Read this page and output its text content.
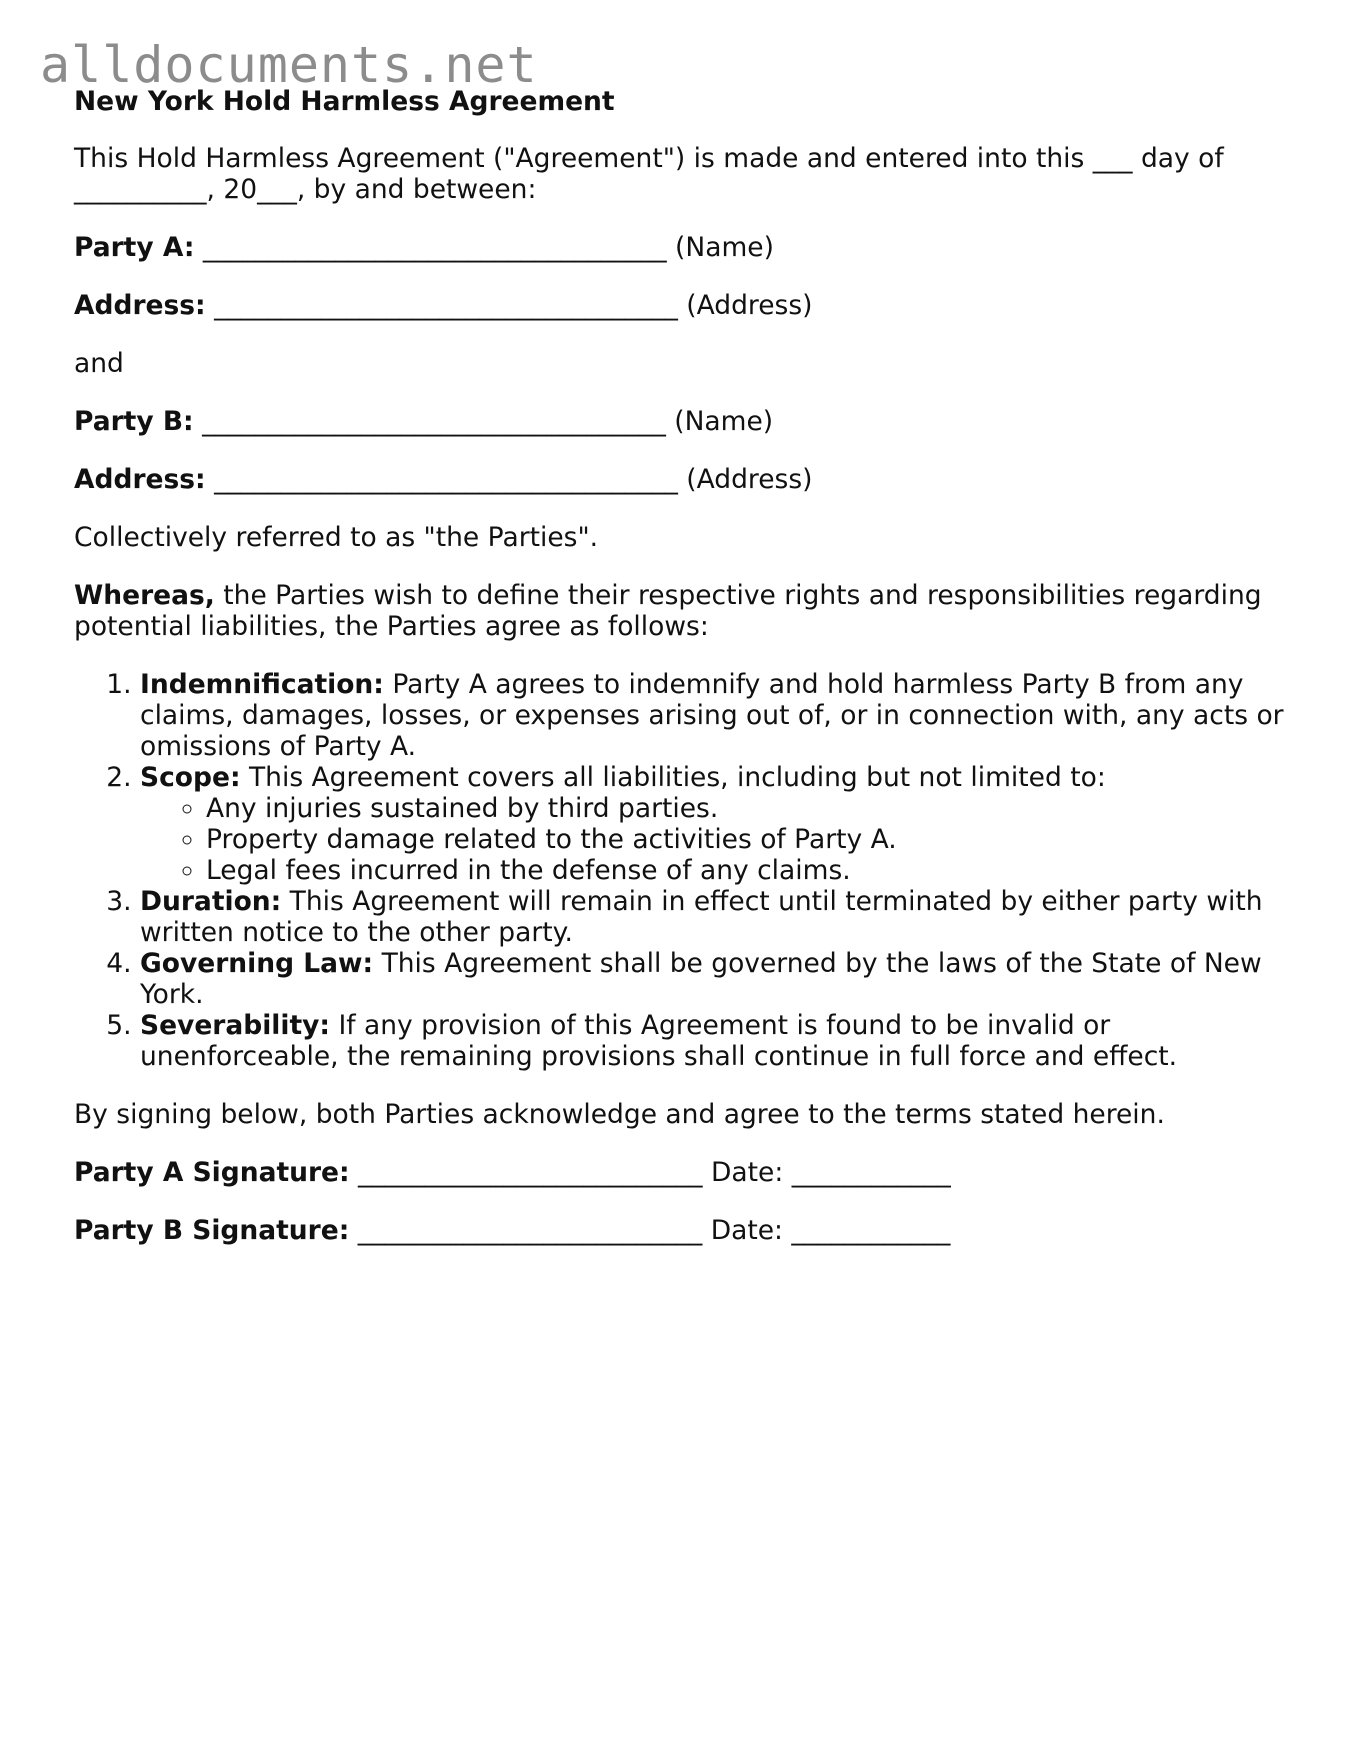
alldocuments.net
New York Hold Harmless Agreement

This Hold Harmless Agreement ("Agreement") is made and entered into this ___ day of
__________, 20___, by and between:

Party A: ___________________________________ (Name)

Address: ___________________________________ (Address)

and

Party B: ___________________________________ (Name)

Address: ___________________________________ (Address)

Collectively referred to as "the Parties".

Whereas, the Parties wish to define their respective rights and responsibilities regarding potential liabilities, the Parties agree as follows:

1. Indemnification: Party A agrees to indemnify and hold harmless Party B from any claims, damages, losses, or expenses arising out of, or in connection with, any acts or omissions of Party A.
2. Scope: This Agreement covers all liabilities, including but not limited to:
◦ Any injuries sustained by third parties.
◦ Property damage related to the activities of Party A.
◦ Legal fees incurred in the defense of any claims.
3. Duration: This Agreement will remain in effect until terminated by either party with written notice to the other party.
4. Governing Law: This Agreement shall be governed by the laws of the State of New York.
5. Severability: If any provision of this Agreement is found to be invalid or unenforceable, the remaining provisions shall continue in full force and effect.

By signing below, both Parties acknowledge and agree to the terms stated herein.

Party A Signature: __________________________ Date: ____________

Party B Signature: __________________________ Date: ____________
